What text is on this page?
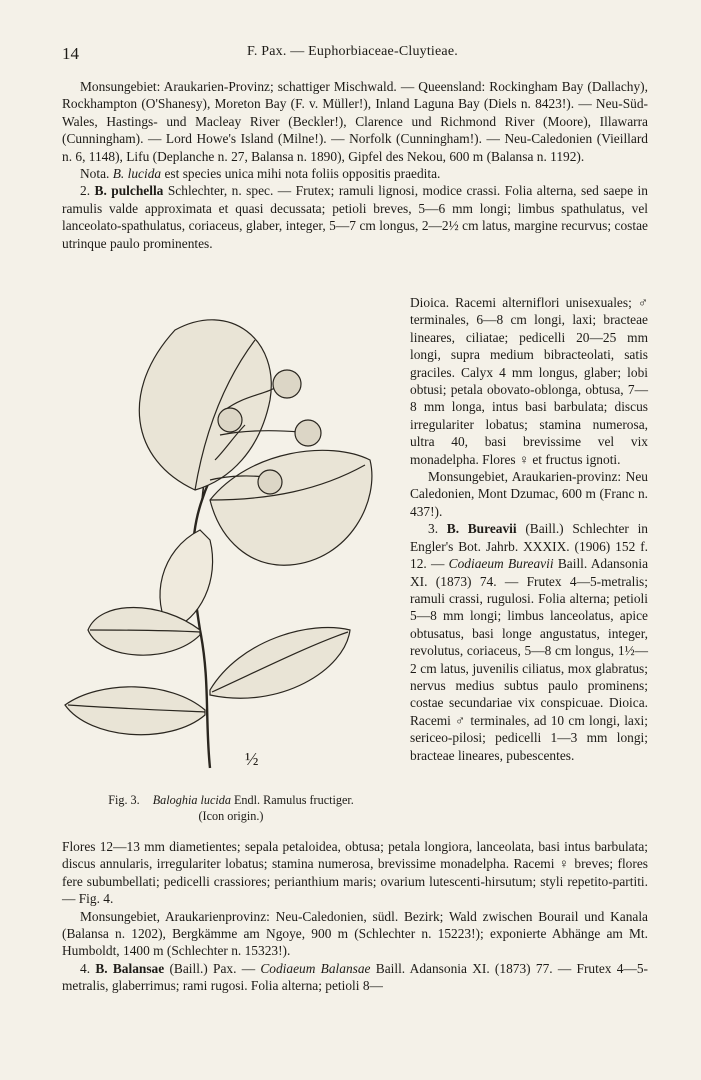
14	F. Pax. — Euphorbiaceae-Cluytieae.

Monsungebiet: Araukarien-Provinz; schattiger Mischwald. — Queensland: Rockingham Bay (Dallachy), Rockhampton (O'Shanesy), Moreton Bay (F. v. Müller!), Inland Laguna Bay (Diels n. 8423!). — Neu-Süd-Wales, Hastings- und Macleay River (Beckler!), Clarence und Richmond River (Moore), Illawarra (Cunningham). — Lord Howe's Island (Milne!). — Norfolk (Cunningham!). — Neu-Caledonien (Vieillard n. 6, 1148), Lifu (Deplanche n. 27, Balansa n. 1890), Gipfel des Nekou, 600 m (Balansa n. 1192).

Nota. B. lucida est species unica mihi nota foliis oppositis praedita.

2. B. pulchella Schlechter, n. spec. — Frutex; ramuli lignosi, modice crassi. Folia alterna, sed saepe in ramulis valde approximata et quasi decussata; petioli breves, 5—6 mm longi; limbus spathulatus, vel lanceolato-spathulatus, coriaceus, glaber, integer, 5—7 cm longus, 2—2½ cm latus, margine recurvus; costae utrinque paulo prominentes.

Dioica. Racemi alterniflori unisexuales; ♂ terminales, 6—8 cm longi, laxi; bracteae lineares, ciliatae; pedicelli 20—25 mm longi, supra medium bibracteolati, satis graciles. Calyx 4 mm longus, glaber; lobi obtusi; petala obovato-oblonga, obtusa, 7—8 mm longa, intus basi barbulata; discus irregulariter lobatus; stamina numerosa, ultra 40, basi brevissime vel vix monadelpha. Flores ♀ et fructus ignoti.

Monsungebiet, Araukarien-provinz: Neu Caledonien, Mont Dzumac, 600 m (Franc n. 437!).

3. B. Bureavii (Baill.) Schlechter in Engler's Bot. Jahrb. XXXIX. (1906) 152 f. 12. — Codiaeum Bureavii Baill. Adansonia XI. (1873) 74. — Frutex 4—5-metralis; ramuli crassi, rugulosi. Folia alterna; petioli 5—8 mm longi; limbus lanceolatus, apice obtusatus, basi longe angustatus, integer, revolutus, coriaceus, 5—8 cm longus, 1½—2 cm latus, juvenilis ciliatus, mox glabratus; nervus medius subtus paulo prominens; costae secundariae vix conspicuae. Dioica. Racemi ♂ terminales, ad 10 cm longi, laxi; sericeo-pilosi; pedicelli 1—3 mm longi; bracteae lineares, pubescentes.

½
Fig. 3. Baloghia lucida Endl. Ramulus fructiger.
(Icon origin.)

Flores 12—13 mm diametientes; sepala petaloidea, obtusa; petala longiora, lanceolata, basi intus barbulata; discus annularis, irregulariter lobatus; stamina numerosa, brevissime monadelpha. Racemi ♀ breves; flores fere subumbellati; pedicelli crassiores; perianthium maris; ovarium lutescenti-hirsutum; styli repetito-partiti. — Fig. 4.

Monsungebiet, Araukarienprovinz: Neu-Caledonien, südl. Bezirk; Wald zwischen Bourail und Kanala (Balansa n. 1202), Bergkämme am Ngoye, 900 m (Schlechter n. 15223!); exponierte Abhänge am Mt. Humboldt, 1400 m (Schlechter n. 15323!).

4. B. Balansae (Baill.) Pax. — Codiaeum Balansae Baill. Adansonia XI. (1873) 77. — Frutex 4—5-metralis, glaberrimus; rami rugosi. Folia alterna; petioli 8—
